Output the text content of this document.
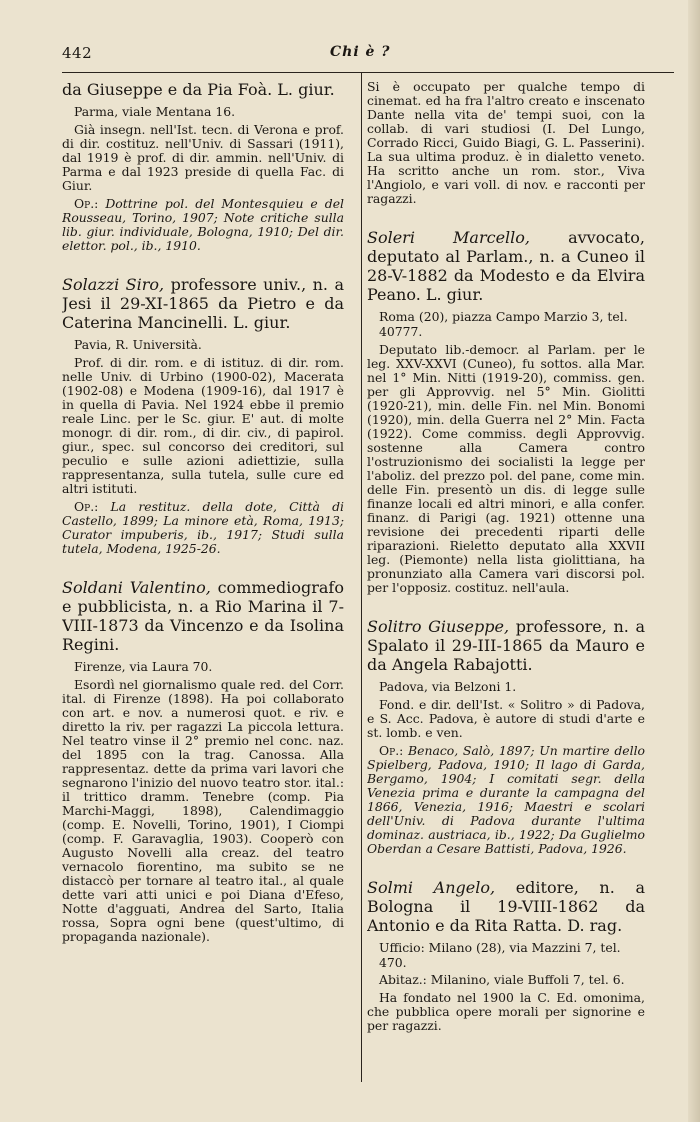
442	Chi è ?

da Giuseppe e da Pia Foà. L. giur.

Parma, viale Mentana 16.

Già insegn. nell'Ist. tecn. di Verona e prof. di dir. costituz. nell'Univ. di Sassari (1911), dal 1919 è prof. di dir. ammin. nell'Univ. di Parma e dal 1923 preside di quella Fac. di Giur.

Op.: Dottrine pol. del Montesquieu e del Rousseau, Torino, 1907; Note critiche sulla lib. giur. individuale, Bologna, 1910; Del dir. elettor. pol., ib., 1910.

Solazzi Siro, professore univ., n. a Jesi il 29-XI-1865 da Pietro e da Caterina Mancinelli. L. giur.

Pavia, R. Università.

Prof. di dir. rom. e di istituz. di dir. rom. nelle Univ. di Urbino (1900-02), Macerata (1902-08) e Modena (1909-16), dal 1917 è in quella di Pavia. Nel 1924 ebbe il premio reale Linc. per le Sc. giur. E' aut. di molte monogr. di dir. rom., di dir. civ., di papirol. giur., spec. sul concorso dei creditori, sul peculio e sulle azioni adiettizie, sulla rappresentanza, sulla tutela, sulle cure ed altri istituti.

Op.: La restituz. della dote, Città di Castello, 1899; La minore età, Roma, 1913; Curator impuberis, ib., 1917; Studi sulla tutela, Modena, 1925-26.

Soldani Valentino, commediografo e pubblicista, n. a Rio Marina il 7-VIII-1873 da Vincenzo e da Isolina Regini.

Firenze, via Laura 70.

Esordì nel giornalismo quale red. del Corr. ital. di Firenze (1898). Ha poi collaborato con art. e nov. a numerosi quot. e riv. e diretto la riv. per ragazzi La piccola lettura. Nel teatro vinse il 2° premio nel conc. naz. del 1895 con la trag. Canossa. Alla rappresentaz. dette da prima vari lavori che segnarono l'inizio del nuovo teatro stor. ital.: il trittico dramm. Tenebre (comp. Pia Marchi-Maggi, 1898), Calendimaggio (comp. E. Novelli, Torino, 1901), I Ciompi (comp. F. Garavaglia, 1903). Cooperò con Augusto Novelli alla creaz. del teatro vernacolo fiorentino, ma subito se ne distaccò per tornare al teatro ital., al quale dette vari atti unici e poi Diana d'Efeso, Notte d'agguati, Andrea del Sarto, Italia rossa, Sopra ogni bene (quest'ultimo, di propaganda nazionale).

Si è occupato per qualche tempo di cinemat. ed ha fra l'altro creato e inscenato Dante nella vita de' tempi suoi, con la collab. di vari studiosi (I. Del Lungo, Corrado Ricci, Guido Biagi, G. L. Passerini). La sua ultima produz. è in dialetto veneto. Ha scritto anche un rom. stor., Viva l'Angiolo, e vari voll. di nov. e racconti per ragazzi.

Soleri Marcello, avvocato, deputato al Parlam., n. a Cuneo il 28-V-1882 da Modesto e da Elvira Peano. L. giur.

Roma (20), piazza Campo Marzio 3, tel. 40777.

Deputato lib.-democr. al Parlam. per le leg. XXV-XXVI (Cuneo), fu sottos. alla Mar. nel 1° Min. Nitti (1919-20), commiss. gen. per gli Approvvig. nel 5° Min. Giolitti (1920-21), min. delle Fin. nel Min. Bonomi (1920), min. della Guerra nel 2° Min. Facta (1922). Come commiss. degli Approvvig. sostenne alla Camera contro l'ostruzionismo dei socialisti la legge per l'aboliz. del prezzo pol. del pane, come min. delle Fin. presentò un dis. di legge sulle finanze locali ed altri minori, e alla confer. finanz. di Parigi (ag. 1921) ottenne una revisione dei precedenti riparti delle riparazioni. Rieletto deputato alla XXVII leg. (Piemonte) nella lista giolittiana, ha pronunziato alla Camera vari discorsi pol. per l'opposiz. costituz. nell'aula.

Solitro Giuseppe, professore, n. a Spalato il 29-III-1865 da Mauro e da Angela Rabajotti.

Padova, via Belzoni 1.

Fond. e dir. dell'Ist. « Solitro » di Padova, e S. Acc. Padova, è autore di studi d'arte e st. lomb. e ven.

Op.: Benaco, Salò, 1897; Un martire dello Spielberg, Padova, 1910; Il lago di Garda, Bergamo, 1904; I comitati segr. della Venezia prima e durante la campagna del 1866, Venezia, 1916; Maestri e scolari dell'Univ. di Padova durante l'ultima dominaz. austriaca, ib., 1922; Da Guglielmo Oberdan a Cesare Battisti, Padova, 1926.

Solmi Angelo, editore, n. a Bologna il 19-VIII-1862 da Antonio e da Rita Ratta. D. rag.

Ufficio: Milano (28), via Mazzini 7, tel. 470.

Abitaz.: Milanino, viale Buffoli 7, tel. 6.

Ha fondato nel 1900 la C. Ed. omonima, che pubblica opere morali per signorine e per ragazzi.
